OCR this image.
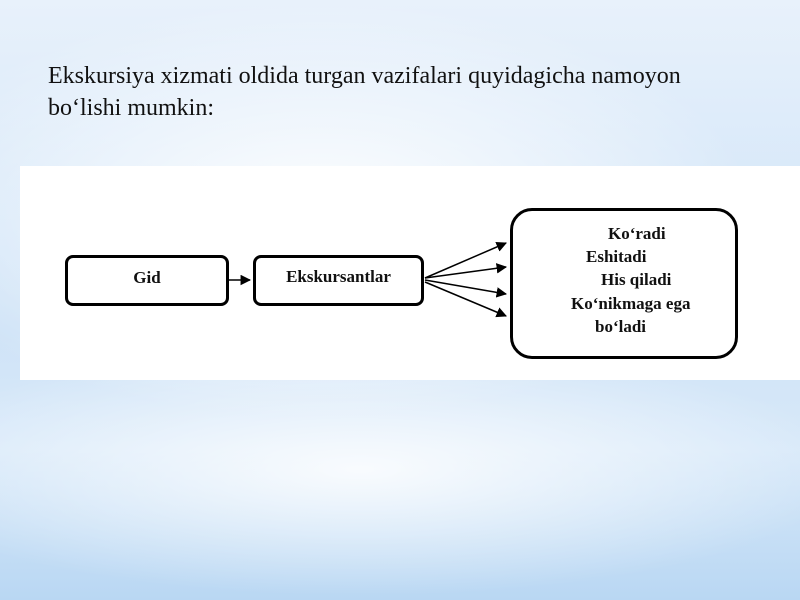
Ekskursiya xizmati oldida turgan vazifalari quyidagicha namoyon
bo‘lishi mumkin:
Gid	Ekskursantlar
Ko‘radi
Eshitadi
His qiladi
Ko‘nikmaga ega
bo‘ladi
